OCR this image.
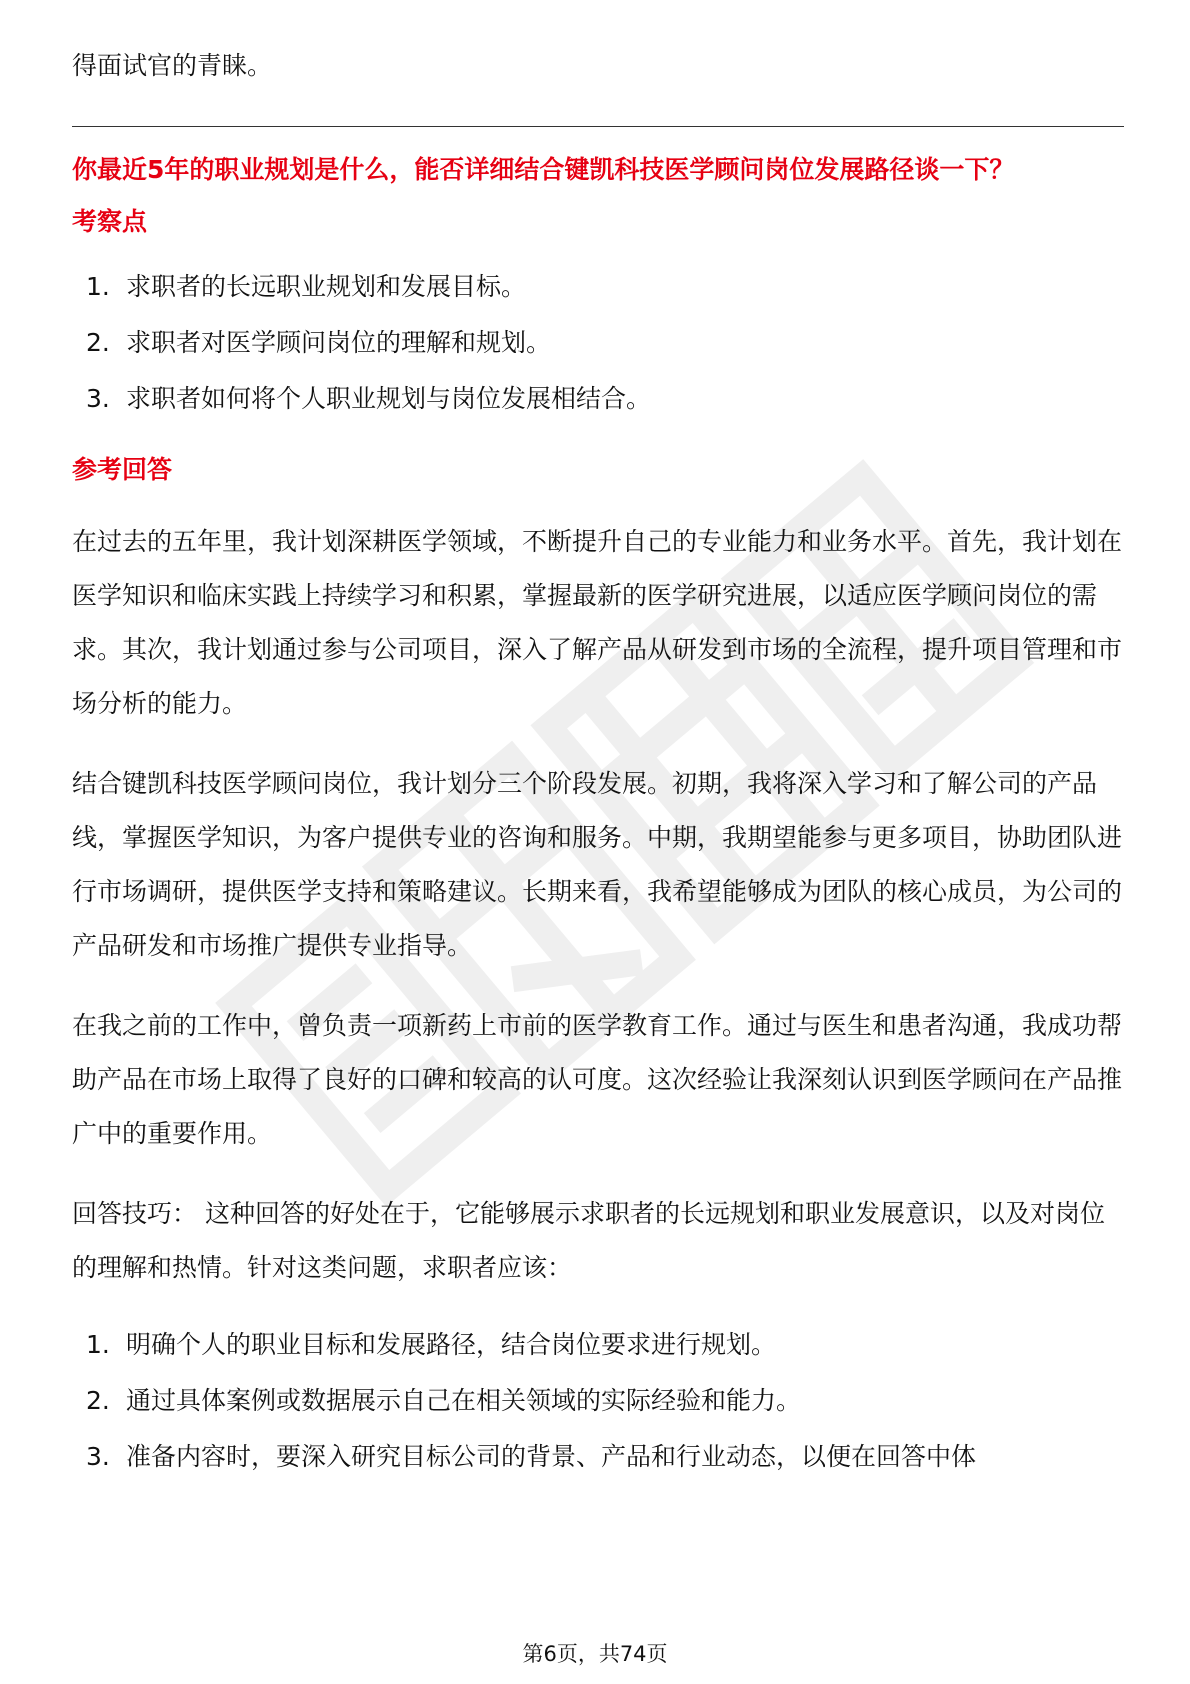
得面试官的青睐。

你最近5年的职业规划是什么，能否详细结合键凯科技医学顾问岗位发展路径谈一下？

考察点

1. 求职者的长远职业规划和发展目标。
2. 求职者对医学顾问岗位的理解和规划。
3. 求职者如何将个人职业规划与岗位发展相结合。

参考回答

在过去的五年里，我计划深耕医学领域，不断提升自己的专业能力和业务水平。首先，我计划在医学知识和临床实践上持续学习和积累，掌握最新的医学研究进展，以适应医学顾问岗位的需求。其次，我计划通过参与公司项目，深入了解产品从研发到市场的全流程，提升项目管理和市场分析的能力。

结合键凯科技医学顾问岗位，我计划分三个阶段发展。初期，我将深入学习和了解公司的产品线，掌握医学知识，为客户提供专业的咨询和服务。中期，我期望能参与更多项目，协助团队进行市场调研，提供医学支持和策略建议。长期来看，我希望能够成为团队的核心成员，为公司的产品研发和市场推广提供专业指导。

在我之前的工作中，曾负责一项新药上市前的医学教育工作。通过与医生和患者沟通，我成功帮助产品在市场上取得了良好的口碑和较高的认可度。这次经验让我深刻认识到医学顾问在产品推广中的重要作用。

回答技巧： 这种回答的好处在于，它能够展示求职者的长远规划和职业发展意识，以及对岗位的理解和热情。针对这类问题，求职者应该：

1. 明确个人的职业目标和发展路径，结合岗位要求进行规划。
2. 通过具体案例或数据展示自己在相关领域的实际经验和能力。
3. 准备内容时，要深入研究目标公司的背景、产品和行业动态，以便在回答中体
第6页，共74页
